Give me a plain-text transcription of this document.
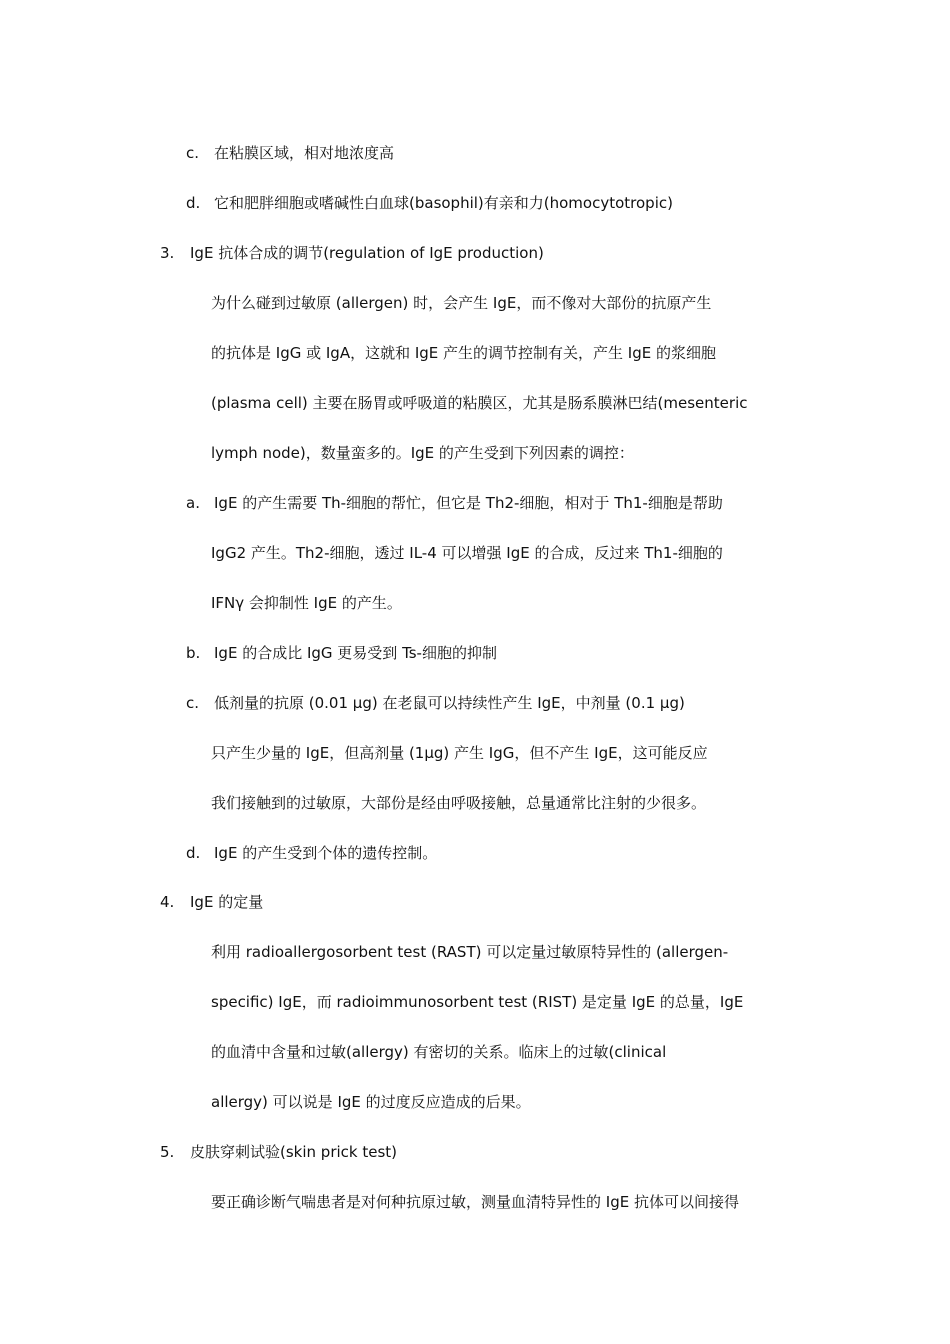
c. 在粘膜区域，相对地浓度高
d. 它和肥胖细胞或嗜碱性白血球(basophil)有亲和力(homocytotropic)
3. IgE 抗体合成的调节(regulation of IgE production)
为什么碰到过敏原 (allergen) 时，会产生 IgE，而不像对大部份的抗原产生
的抗体是 IgG 或 IgA，这就和 IgE 产生的调节控制有关，产生 IgE 的浆细胞
(plasma cell) 主要在肠胃或呼吸道的粘膜区，尤其是肠系膜淋巴结(mesenteric
lymph node)，数量蛮多的。IgE 的产生受到下列因素的调控：
a. IgE 的产生需要 Th-细胞的帮忙，但它是 Th2-细胞，相对于 Th1-细胞是帮助
IgG2 产生。Th2-细胞，透过 IL-4 可以增强 IgE 的合成，反过来 Th1-细胞的
IFNγ 会抑制性 IgE 的产生。
b. IgE 的合成比 IgG 更易受到 Ts-细胞的抑制
c. 低剂量的抗原 (0.01 μg) 在老鼠可以持续性产生 IgE，中剂量 (0.1 μg)
只产生少量的 IgE，但高剂量 (1μg) 产生 IgG，但不产生 IgE，这可能反应
我们接触到的过敏原，大部份是经由呼吸接触，总量通常比注射的少很多。
d. IgE 的产生受到个体的遗传控制。
4. IgE 的定量
利用 radioallergosorbent test (RAST) 可以定量过敏原特异性的 (allergen-
specific) IgE，而 radioimmunosorbent test (RIST) 是定量 IgE 的总量，IgE
的血清中含量和过敏(allergy) 有密切的关系。临床上的过敏(clinical
allergy) 可以说是 IgE 的过度反应造成的后果。
5. 皮肤穿刺试验(skin prick test)
要正确诊断气喘患者是对何种抗原过敏，测量血清特异性的 IgE 抗体可以间接得
